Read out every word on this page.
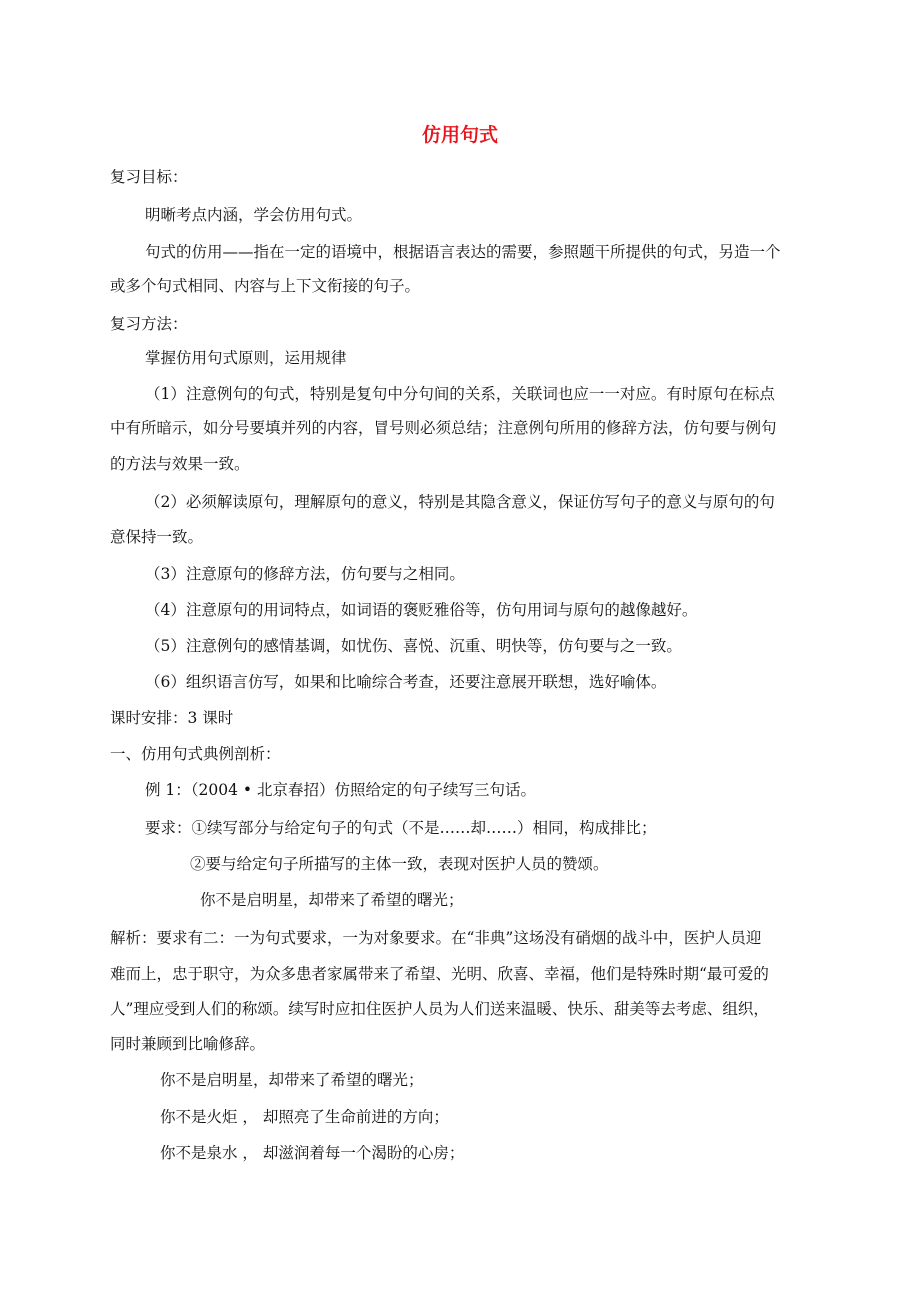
仿用句式
复习目标：
明晰考点内涵，学会仿用句式。
句式的仿用——指在一定的语境中，根据语言表达的需要，参照题干所提供的句式，另造一个
或多个句式相同、内容与上下文衔接的句子。
复习方法：
掌握仿用句式原则，运用规律
（1）注意例句的句式，特别是复句中分句间的关系，关联词也应一一对应。有时原句在标点
中有所暗示，如分号要填并列的内容，冒号则必须总结；注意例句所用的修辞方法，仿句要与例句
的方法与效果一致。
（2）必须解读原句，理解原句的意义，特别是其隐含意义，保证仿写句子的意义与原句的句
意保持一致。
（3）注意原句的修辞方法，仿句要与之相同。
（4）注意原句的用词特点，如词语的褒贬雅俗等，仿句用词与原句的越像越好。
（5）注意例句的感情基调，如忧伤、喜悦、沉重、明快等，仿句要与之一致。
（6）组织语言仿写，如果和比喻综合考查，还要注意展开联想，选好喻体。
课时安排：3 课时
一、仿用句式典例剖析：
例 1：（2004 • 北京春招）仿照给定的句子续写三句话。
要求：①续写部分与给定句子的句式（不是……却……）相同，构成排比；
②要与给定句子所描写的主体一致，表现对医护人员的赞颂。
你不是启明星，却带来了希望的曙光；
解析：要求有二：一为句式要求，一为对象要求。在“非典”这场没有硝烟的战斗中，医护人员迎
难而上，忠于职守，为众多患者家属带来了希望、光明、欣喜、幸福，他们是特殊时期“最可爱的
人”理应受到人们的称颂。续写时应扣住医护人员为人们送来温暖、快乐、甜美等去考虑、组织，
同时兼顾到比喻修辞。
你不是启明星，却带来了希望的曙光；
你不是火炬 ， 却照亮了生命前进的方向；
你不是泉水 ， 却滋润着每一个渴盼的心房；
